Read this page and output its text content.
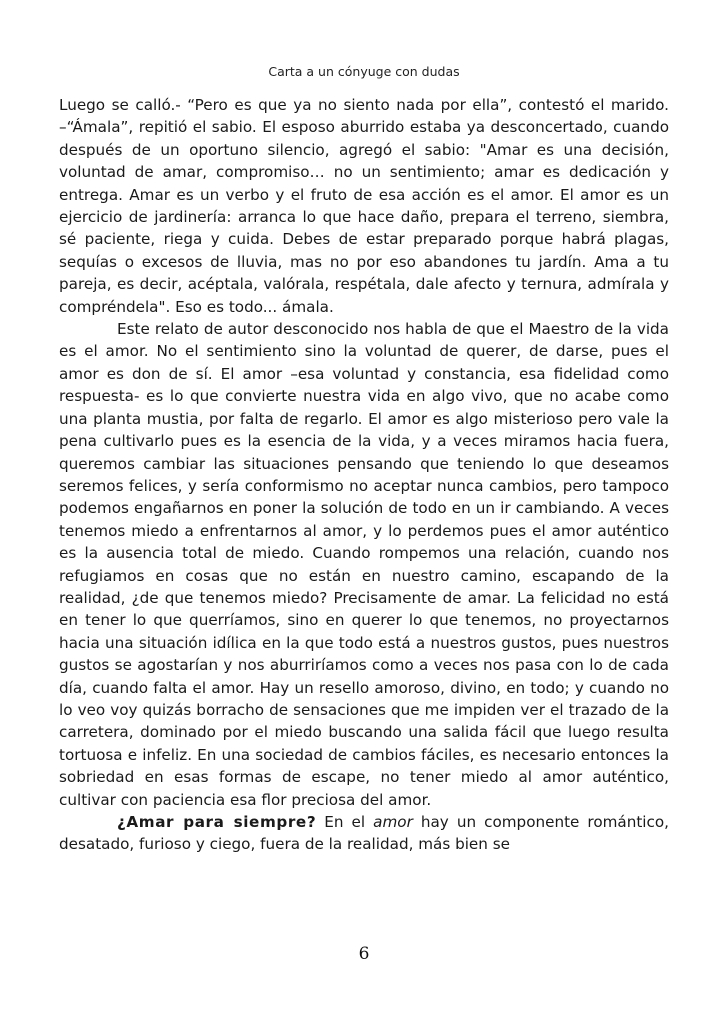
Carta a un cónyuge con dudas

Luego se calló.- “Pero es que ya no siento nada por ella”, contestó el marido. –“Ámala”, repitió el sabio. El esposo aburrido estaba ya desconcertado, cuando después de un oportuno silencio, agregó el sabio: "Amar es una decisión, voluntad de amar, compromiso… no un sentimiento; amar es dedicación y entrega. Amar es un verbo y el fruto de esa acción es el amor. El amor es un ejercicio de jardinería: arranca lo que hace daño, prepara el terreno, siembra, sé paciente, riega y cuida. Debes de estar preparado porque habrá plagas, sequías o excesos de lluvia, mas no por eso abandones tu jardín. Ama a tu pareja, es decir, acéptala, valórala, respétala, dale afecto y ternura, admírala y compréndela". Eso es todo... ámala.

Este relato de autor desconocido nos habla de que el Maestro de la vida es el amor. No el sentimiento sino la voluntad de querer, de darse, pues el amor es don de sí. El amor –esa voluntad y constancia, esa fidelidad como respuesta- es lo que convierte nuestra vida en algo vivo, que no acabe como una planta mustia, por falta de regarlo. El amor es algo misterioso pero vale la pena cultivarlo pues es la esencia de la vida, y a veces miramos hacia fuera, queremos cambiar las situaciones pensando que teniendo lo que deseamos seremos felices, y sería conformismo no aceptar nunca cambios, pero tampoco podemos engañarnos en poner la solución de todo en un ir cambiando. A veces tenemos miedo a enfrentarnos al amor, y lo perdemos pues el amor auténtico es la ausencia total de miedo. Cuando rompemos una relación, cuando nos refugiamos en cosas que no están en nuestro camino, escapando de la realidad, ¿de que tenemos miedo? Precisamente de amar. La felicidad no está en tener lo que querríamos, sino en querer lo que tenemos, no proyectarnos hacia una situación idílica en la que todo está a nuestros gustos, pues nuestros gustos se agostarían y nos aburriríamos como a veces nos pasa con lo de cada día, cuando falta el amor. Hay un resello amoroso, divino, en todo; y cuando no lo veo voy quizás borracho de sensaciones que me impiden ver el trazado de la carretera, dominado por el miedo buscando una salida fácil que luego resulta tortuosa e infeliz. En una sociedad de cambios fáciles, es necesario entonces la sobriedad en esas formas de escape, no tener miedo al amor auténtico, cultivar con paciencia esa flor preciosa del amor.

¿Amar para siempre? En el amor hay un componente romántico, desatado, furioso y ciego, fuera de la realidad, más bien se

6
